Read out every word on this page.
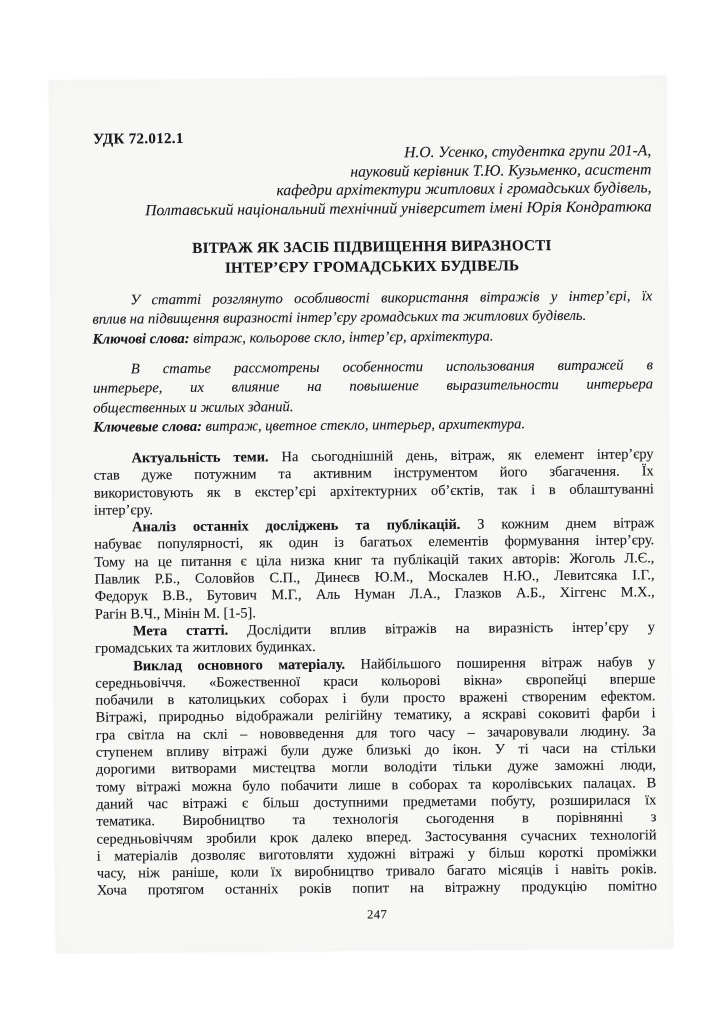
УДК 72.012.1
Н.О. Усенко, студентка групи 201-А,
науковий керівник Т.Ю. Кузьменко, асистент
кафедри архітектури житлових і громадських будівель,
Полтавський національний технічний університет імені Юрія Кондратюка
ВІТРАЖ ЯК ЗАСІБ ПІДВИЩЕННЯ ВИРАЗНОСТІ
ІНТЕР’ЄРУ ГРОМАДСЬКИХ БУДІВЕЛЬ
У статті розглянуто особливості використання вітражів у інтер’єрі, їх
вплив на підвищення виразності інтер’єру громадських та житлових будівель.
Ключові слова: вітраж, кольорове скло, інтер’єр, архітектура.
В статье рассмотрены особенности использования витражей в
интерьере, их влияние на повышение выразительности интерьера
общественных и жилых зданий.
Ключевые слова: витраж, цветное стекло, интерьер, архитектура.
Актуальність теми. На сьогоднішній день, вітраж, як елемент інтер’єру
став дуже потужним та активним інструментом його збагачення. Їх
використовують як в екстер’єрі архітектурних об’єктів, так і в облаштуванні
інтер’єру.
Аналіз останніх досліджень та публікацій. З кожним днем вітраж
набуває популярності, як один із багатьох елементів формування інтер’єру.
Тому на це питання є ціла низка книг та публікацій таких авторів: Жоголь Л.Є.,
Павлик Р.Б., Соловйов С.П., Динеєв Ю.М., Москалев Н.Ю., Левитсяка І.Г.,
Федорук В.В., Бутович М.Г., Аль Нуман Л.А., Глазков А.Б., Хіггенс М.Х.,
Рагін В.Ч., Мінін М. [1-5].
Мета статті. Дослідити вплив вітражів на виразність інтер’єру у
громадських та житлових будинках.
Виклад основного матеріалу. Найбільшого поширення вітраж набув у
середньовіччя. «Божественної краси кольорові вікна» європейці вперше
побачили в католицьких соборах і були просто вражені створеним ефектом.
Вітражі, природньо відображали релігійну тематику, а яскраві соковиті фарби і
гра світла на склі – нововведення для того часу – зачаровували людину. За
ступенем впливу вітражі були дуже близькі до ікон. У ті часи на стільки
дорогими витворами мистецтва могли володіти тільки дуже заможні люди,
тому вітражі можна було побачити лише в соборах та королівських палацах. В
даний час вітражі є більш доступними предметами побуту, розширилася їх
тематика. Виробництво та технологія сьогодення в порівнянні з
середньовіччям зробили крок далеко вперед. Застосування сучасних технологій
і матеріалів дозволяє виготовляти художні вітражі у більш короткі проміжки
часу, ніж раніше, коли їх виробництво тривало багато місяців і навіть років.
Хоча протягом останніх років попит на вітражну продукцію помітно
247
